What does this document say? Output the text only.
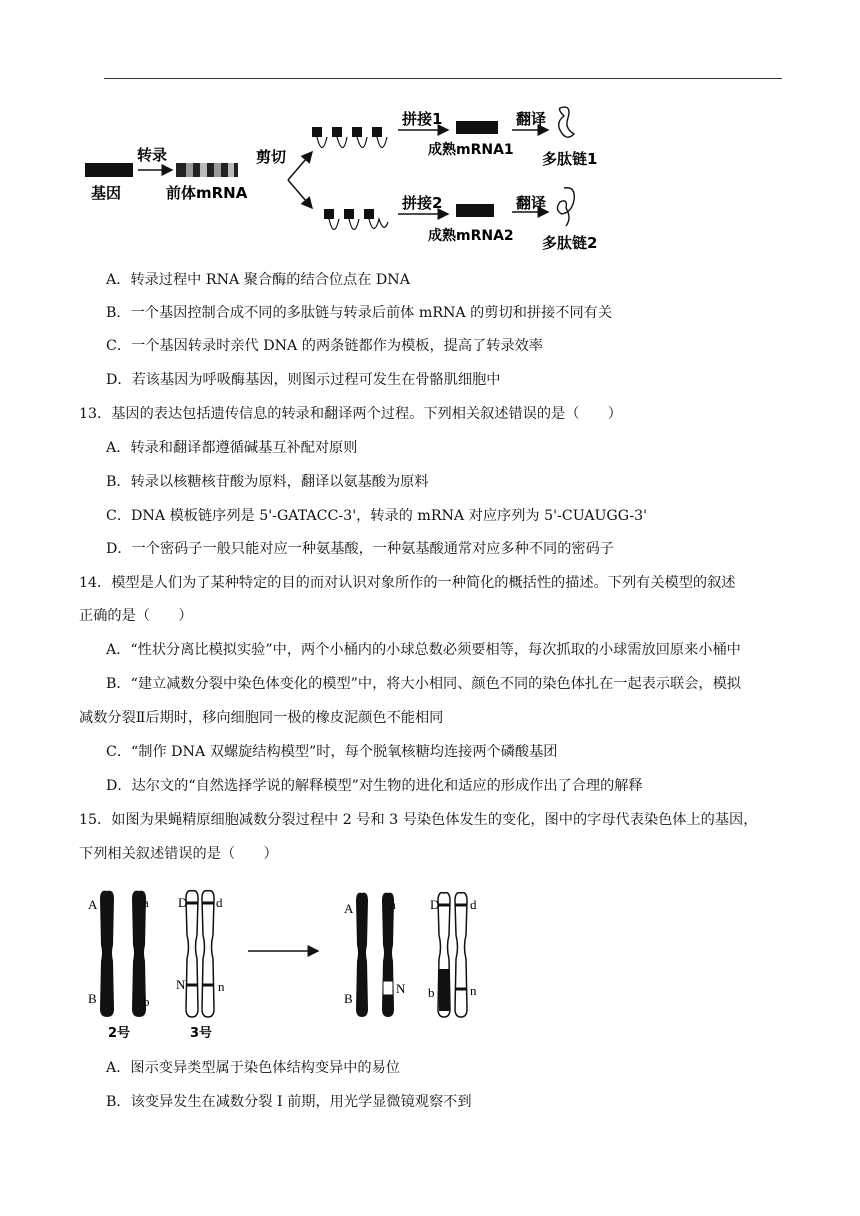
基因
转录
前体mRNA
剪切
拼接1
成熟mRNA1
翻译
多肽链1
拼接2
成熟mRNA2
翻译
多肽链2
A．转录过程中 RNA 聚合酶的结合位点在 DNA
B．一个基因控制合成不同的多肽链与转录后前体 mRNA 的剪切和拼接不同有关
C．一个基因转录时亲代 DNA 的两条链都作为模板，提高了转录效率
D．若该基因为呼吸酶基因，则图示过程可发生在骨骼肌细胞中
13．基因的表达包括遗传信息的转录和翻译两个过程。下列相关叙述错误的是（　　）
A．转录和翻译都遵循碱基互补配对原则
B．转录以核糖核苷酸为原料，翻译以氨基酸为原料
C．DNA 模板链序列是 5'-GATACC-3'，转录的 mRNA 对应序列为 5'-CUAUGG-3'
D．一个密码子一般只能对应一种氨基酸，一种氨基酸通常对应多种不同的密码子
14．模型是人们为了某种特定的目的而对认识对象所作的一种简化的概括性的描述。下列有关模型的叙述
正确的是（　　）
A．“性状分离比模拟实验”中，两个小桶内的小球总数必须要相等，每次抓取的小球需放回原来小桶中
B．“建立减数分裂中染色体变化的模型”中，将大小相同、颜色不同的染色体扎在一起表示联会，模拟
减数分裂Ⅱ后期时，移向细胞同一极的橡皮泥颜色不能相同
C．“制作 DNA 双螺旋结构模型”时，每个脱氧核糖均连接两个磷酸基团
D．达尔文的“自然选择学说的解释模型”对生物的进化和适应的形成作出了合理的解释
15．如图为果蝇精原细胞减数分裂过程中 2 号和 3 号染色体发生的变化，图中的字母代表染色体上的基因，
下列相关叙述错误的是（　　）
A	a
B	b
2号
D d
N	n
3号
A	a
B
N
D d
b	n
A．图示变异类型属于染色体结构变异中的易位
B．该变异发生在减数分裂 I 前期，用光学显微镜观察不到
